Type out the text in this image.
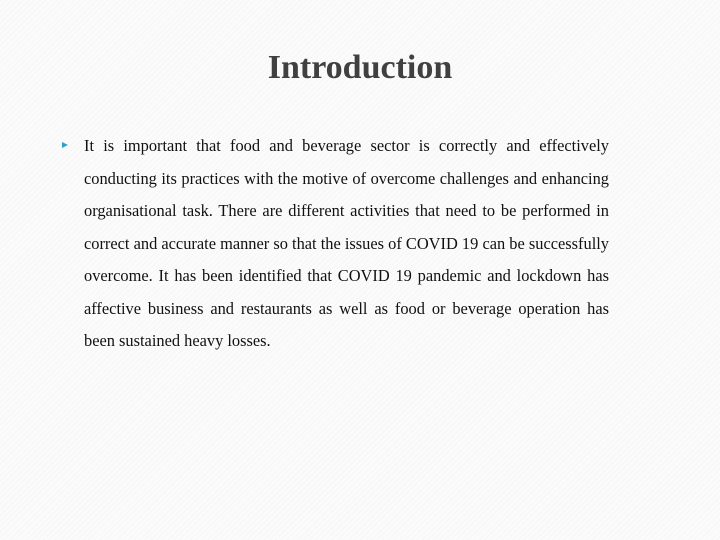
Introduction

It is important that food and beverage sector is correctly and effectively conducting its practices with the motive of overcome challenges and enhancing organisational task. There are different activities that need to be performed in correct and accurate manner so that the issues of COVID 19 can be successfully overcome. It has been identified that COVID 19 pandemic and lockdown has affective business and restaurants as well as food or beverage operation has been sustained heavy losses.
